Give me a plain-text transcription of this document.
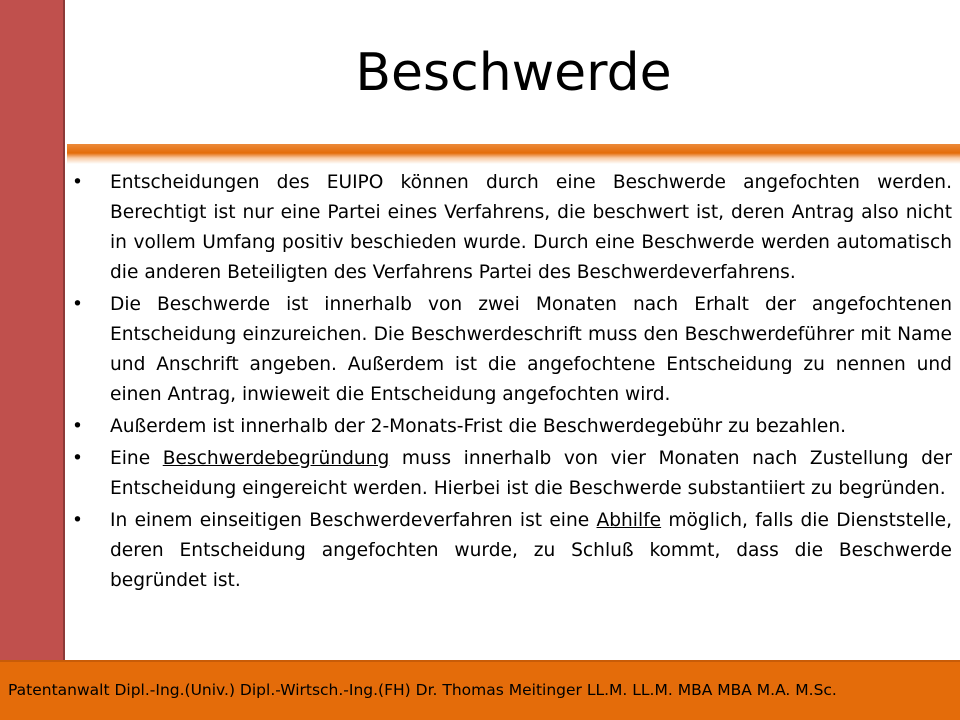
Beschwerde
• Entscheidungen des EUIPO können durch eine Beschwerde angefochten werden. Berechtigt ist nur eine Partei eines Verfahrens, die beschwert ist, deren Antrag also nicht in vollem Umfang positiv beschieden wurde. Durch eine Beschwerde werden automatisch die anderen Beteiligten des Verfahrens Partei des Beschwerdeverfahrens.
• Die Beschwerde ist innerhalb von zwei Monaten nach Erhalt der angefochtenen Entscheidung einzureichen. Die Beschwerdeschrift muss den Beschwerdeführer mit Name und Anschrift angeben. Außerdem ist die angefochtene Entscheidung zu nennen und einen Antrag, inwieweit die Entscheidung angefochten wird.
• Außerdem ist innerhalb der 2-Monats-Frist die Beschwerdegebühr zu bezahlen.
• Eine Beschwerdebegründung muss innerhalb von vier Monaten nach Zustellung der Entscheidung eingereicht werden. Hierbei ist die Beschwerde substantiiert zu begründen.
• In einem einseitigen Beschwerdeverfahren ist eine Abhilfe möglich, falls die Dienststelle, deren Entscheidung angefochten wurde, zu Schluß kommt, dass die Beschwerde begründet ist.
Patentanwalt Dipl.-Ing.(Univ.) Dipl.-Wirtsch.-Ing.(FH) Dr. Thomas Meitinger LL.M. LL.M. MBA MBA M.A. M.Sc.
